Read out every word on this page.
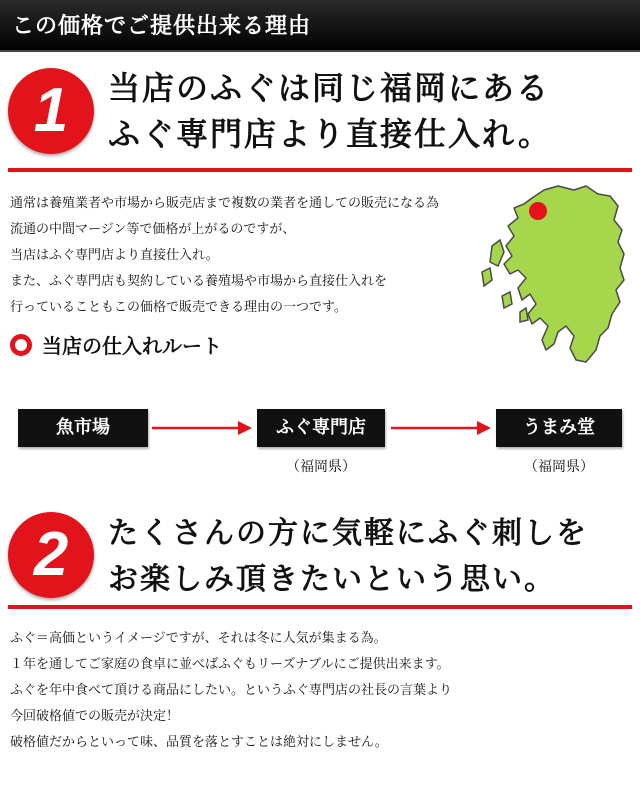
この価格でご提供出来る理由
1	当店のふぐは同じ福岡にある
ふぐ専門店より直接仕入れ。
通常は養殖業者や市場から販売店まで複数の業者を通しての販売になる為
流通の中間マージン等で価格が上がるのですが、
当店はふぐ専門店より直接仕入れ。
また、ふぐ専門店も契約している養殖場や市場から直接仕入れを
行っていることもこの価格で販売できる理由の一つです。
当店の仕入れルート
魚市場	ふぐ専門店	うまみ堂
（福岡県）	（福岡県）
2	たくさんの方に気軽にふぐ刺しを
お楽しみ頂きたいという思い。
ふぐ＝高価というイメージですが、それは冬に人気が集まる為。
１年を通してご家庭の食卓に並べばふぐもリーズナブルにご提供出来ます。
ふぐを年中食べて頂ける商品にしたい。というふぐ専門店の社長の言葉より
今回破格値での販売が決定！
破格値だからといって味、品質を落とすことは絶対にしません。
